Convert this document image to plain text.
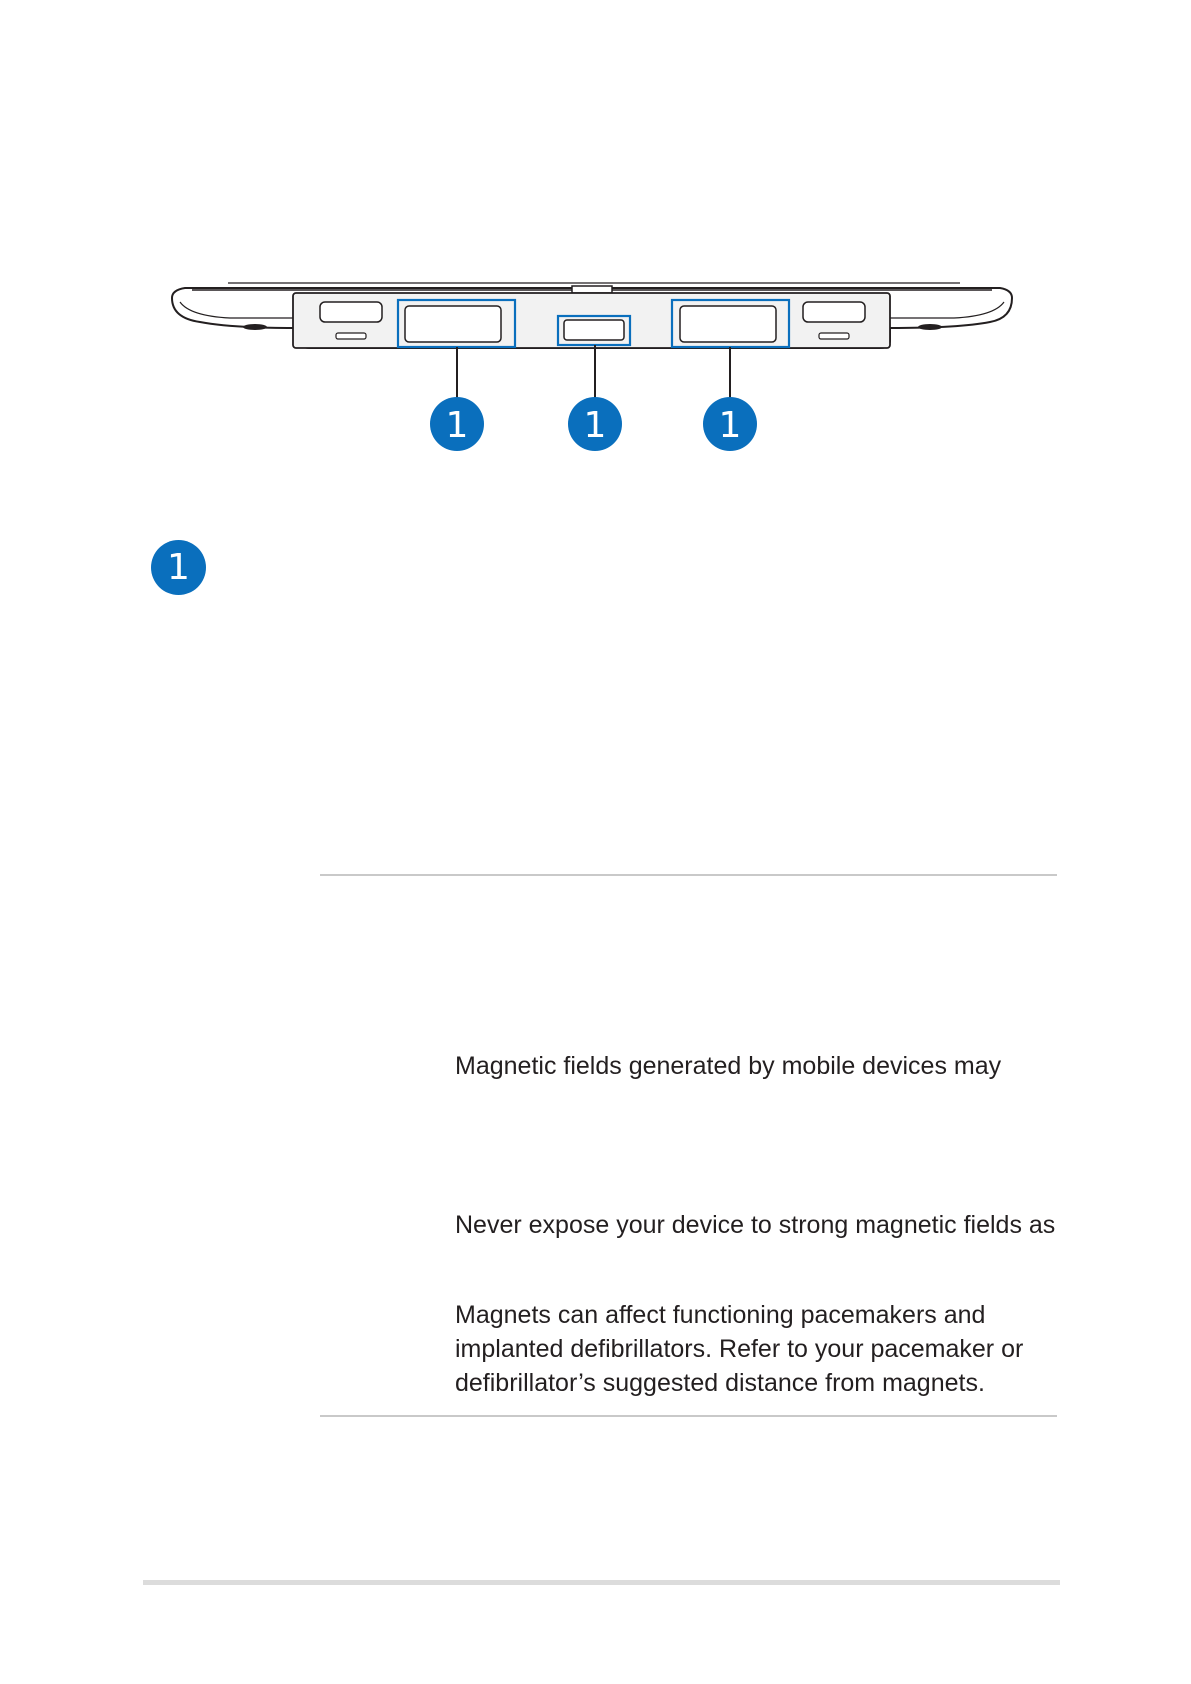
1	1	1
1
Magnetic fields generated by mobile devices may
Never expose your device to strong magnetic fields as
Magnets can affect functioning pacemakers and
implanted defibrillators. Refer to your pacemaker or
defibrillator’s suggested distance from magnets.
